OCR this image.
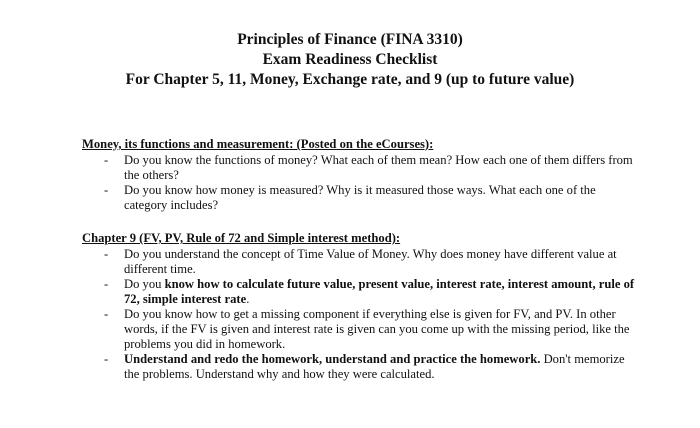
Principles of Finance (FINA 3310)
Exam Readiness Checklist
For Chapter 5, 11, Money, Exchange rate, and 9 (up to future value)
Money, its functions and measurement: (Posted on the eCourses):
-	Do you know the functions of money? What each of them mean? How each one of them differs from the others?
-	Do you know how money is measured? Why is it measured those ways. What each one of the category includes?
Chapter 9 (FV, PV, Rule of 72 and Simple interest method):
-	Do you understand the concept of Time Value of Money. Why does money have different value at different time.
-	Do you know how to calculate future value, present value, interest rate, interest amount, rule of 72, simple interest rate.
-	Do you know how to get a missing component if everything else is given for FV, and PV. In other words, if the FV is given and interest rate is given can you come up with the missing period, like the problems you did in homework.
-	Understand and redo the homework, understand and practice the homework. Don't memorize the problems. Understand why and how they were calculated.
